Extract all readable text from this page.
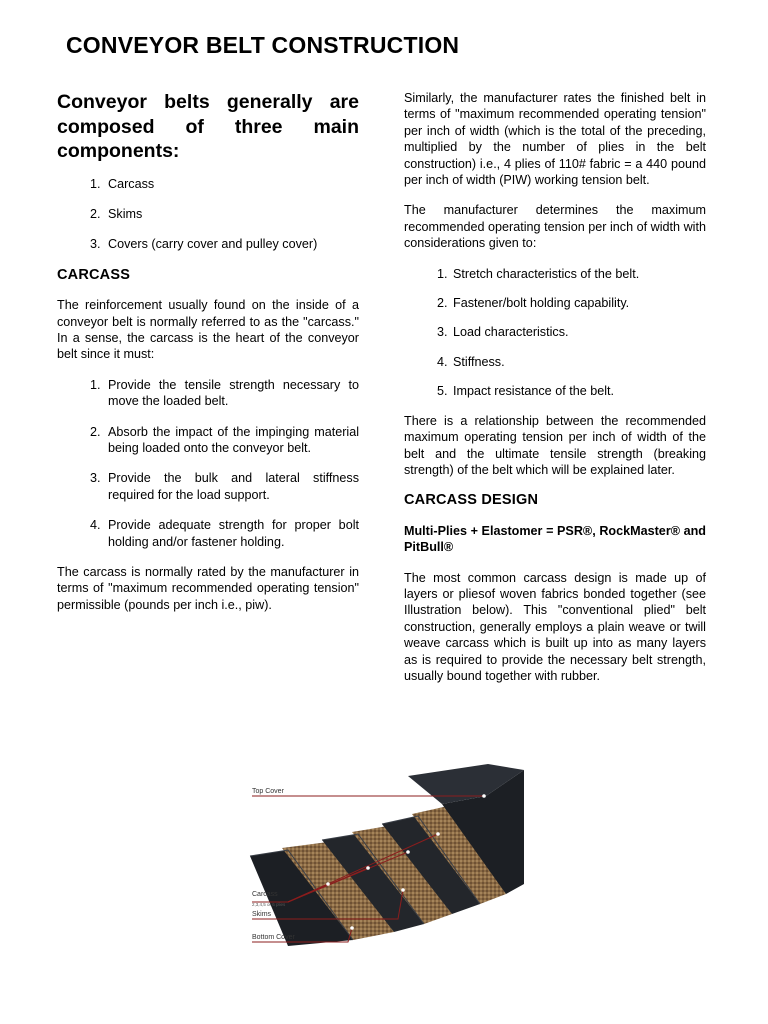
CONVEYOR BELT CONSTRUCTION
Conveyor belts generally are composed of three main components:
1. Carcass
2. Skims
3. Covers (carry cover and pulley cover)
CARCASS

The reinforcement usually found on the inside of a conveyor belt is normally referred to as the "carcass." In a sense, the carcass is the heart of the conveyor belt since it must:

1. Provide the tensile strength necessary to move the loaded belt.
2. Absorb the impact of the impinging material being loaded onto the conveyor belt.
3. Provide the bulk and lateral stiffness required for the load support.
4. Provide adequate strength for proper bolt holding and/or fastener holding.

The carcass is normally rated by the manufacturer in terms of "maximum recommended operating tension" permissible (pounds per inch i.e., piw).

Similarly, the manufacturer rates the finished belt in terms of "maximum recommended operating tension" per inch of width (which is the total of the preceding, multiplied by the number of plies in the belt construction) i.e., 4 plies of 110# fabric = a 440 pound per inch of width (PIW) working tension belt.

The manufacturer determines the maximum recommended operating tension per inch of width with considerations given to:

1. Stretch characteristics of the belt.
2. Fastener/bolt holding capability.
3. Load characteristics.
4. Stiffness.
5. Impact resistance of the belt.

There is a relationship between the recommended maximum operating tension per inch of width of the belt and the ultimate tensile strength (breaking strength) of the belt which will be explained later.

CARCASS DESIGN

Multi-Plies + Elastomer = PSR®, RockMaster® and PitBull®

The most common carcass design is made up of layers or pliesof woven fabrics bonded together (see Illustration below). This "conventional plied" belt construction, generally employs a plain weave or twill weave carcass which is built up into as many layers as is required to provide the necessary belt strength, usually bound together with rubber.

Top Cover
Carcass
2,3,4,5 or 6 plies
Skims
Bottom Cover
